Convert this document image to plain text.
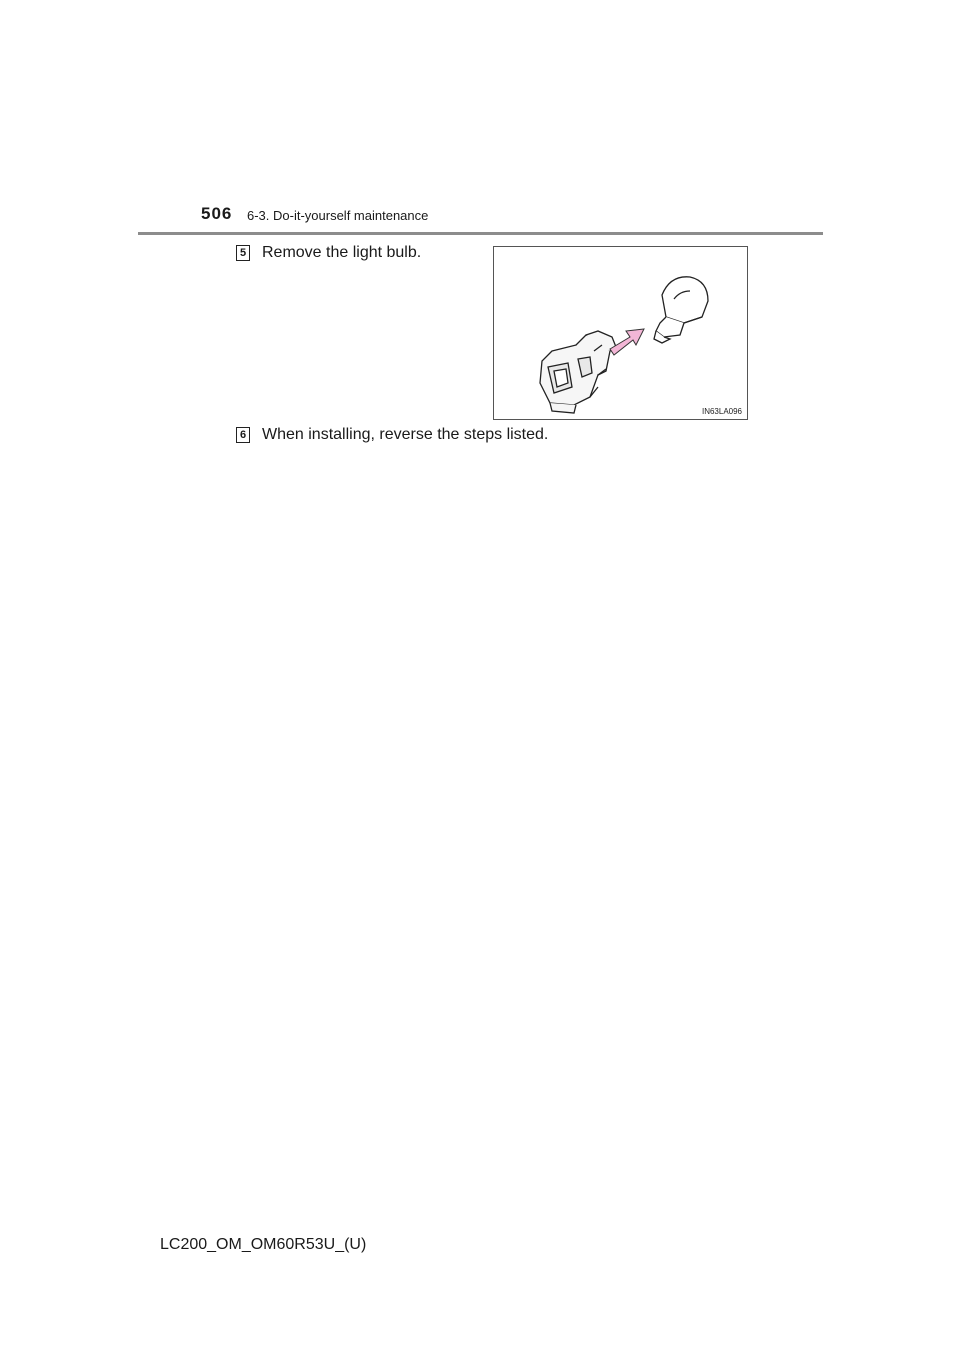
506 6-3. Do-it-yourself maintenance
5 Remove the light bulb.
IN63LA096
6 When installing, reverse the steps listed.
LC200_OM_OM60R53U_(U)
